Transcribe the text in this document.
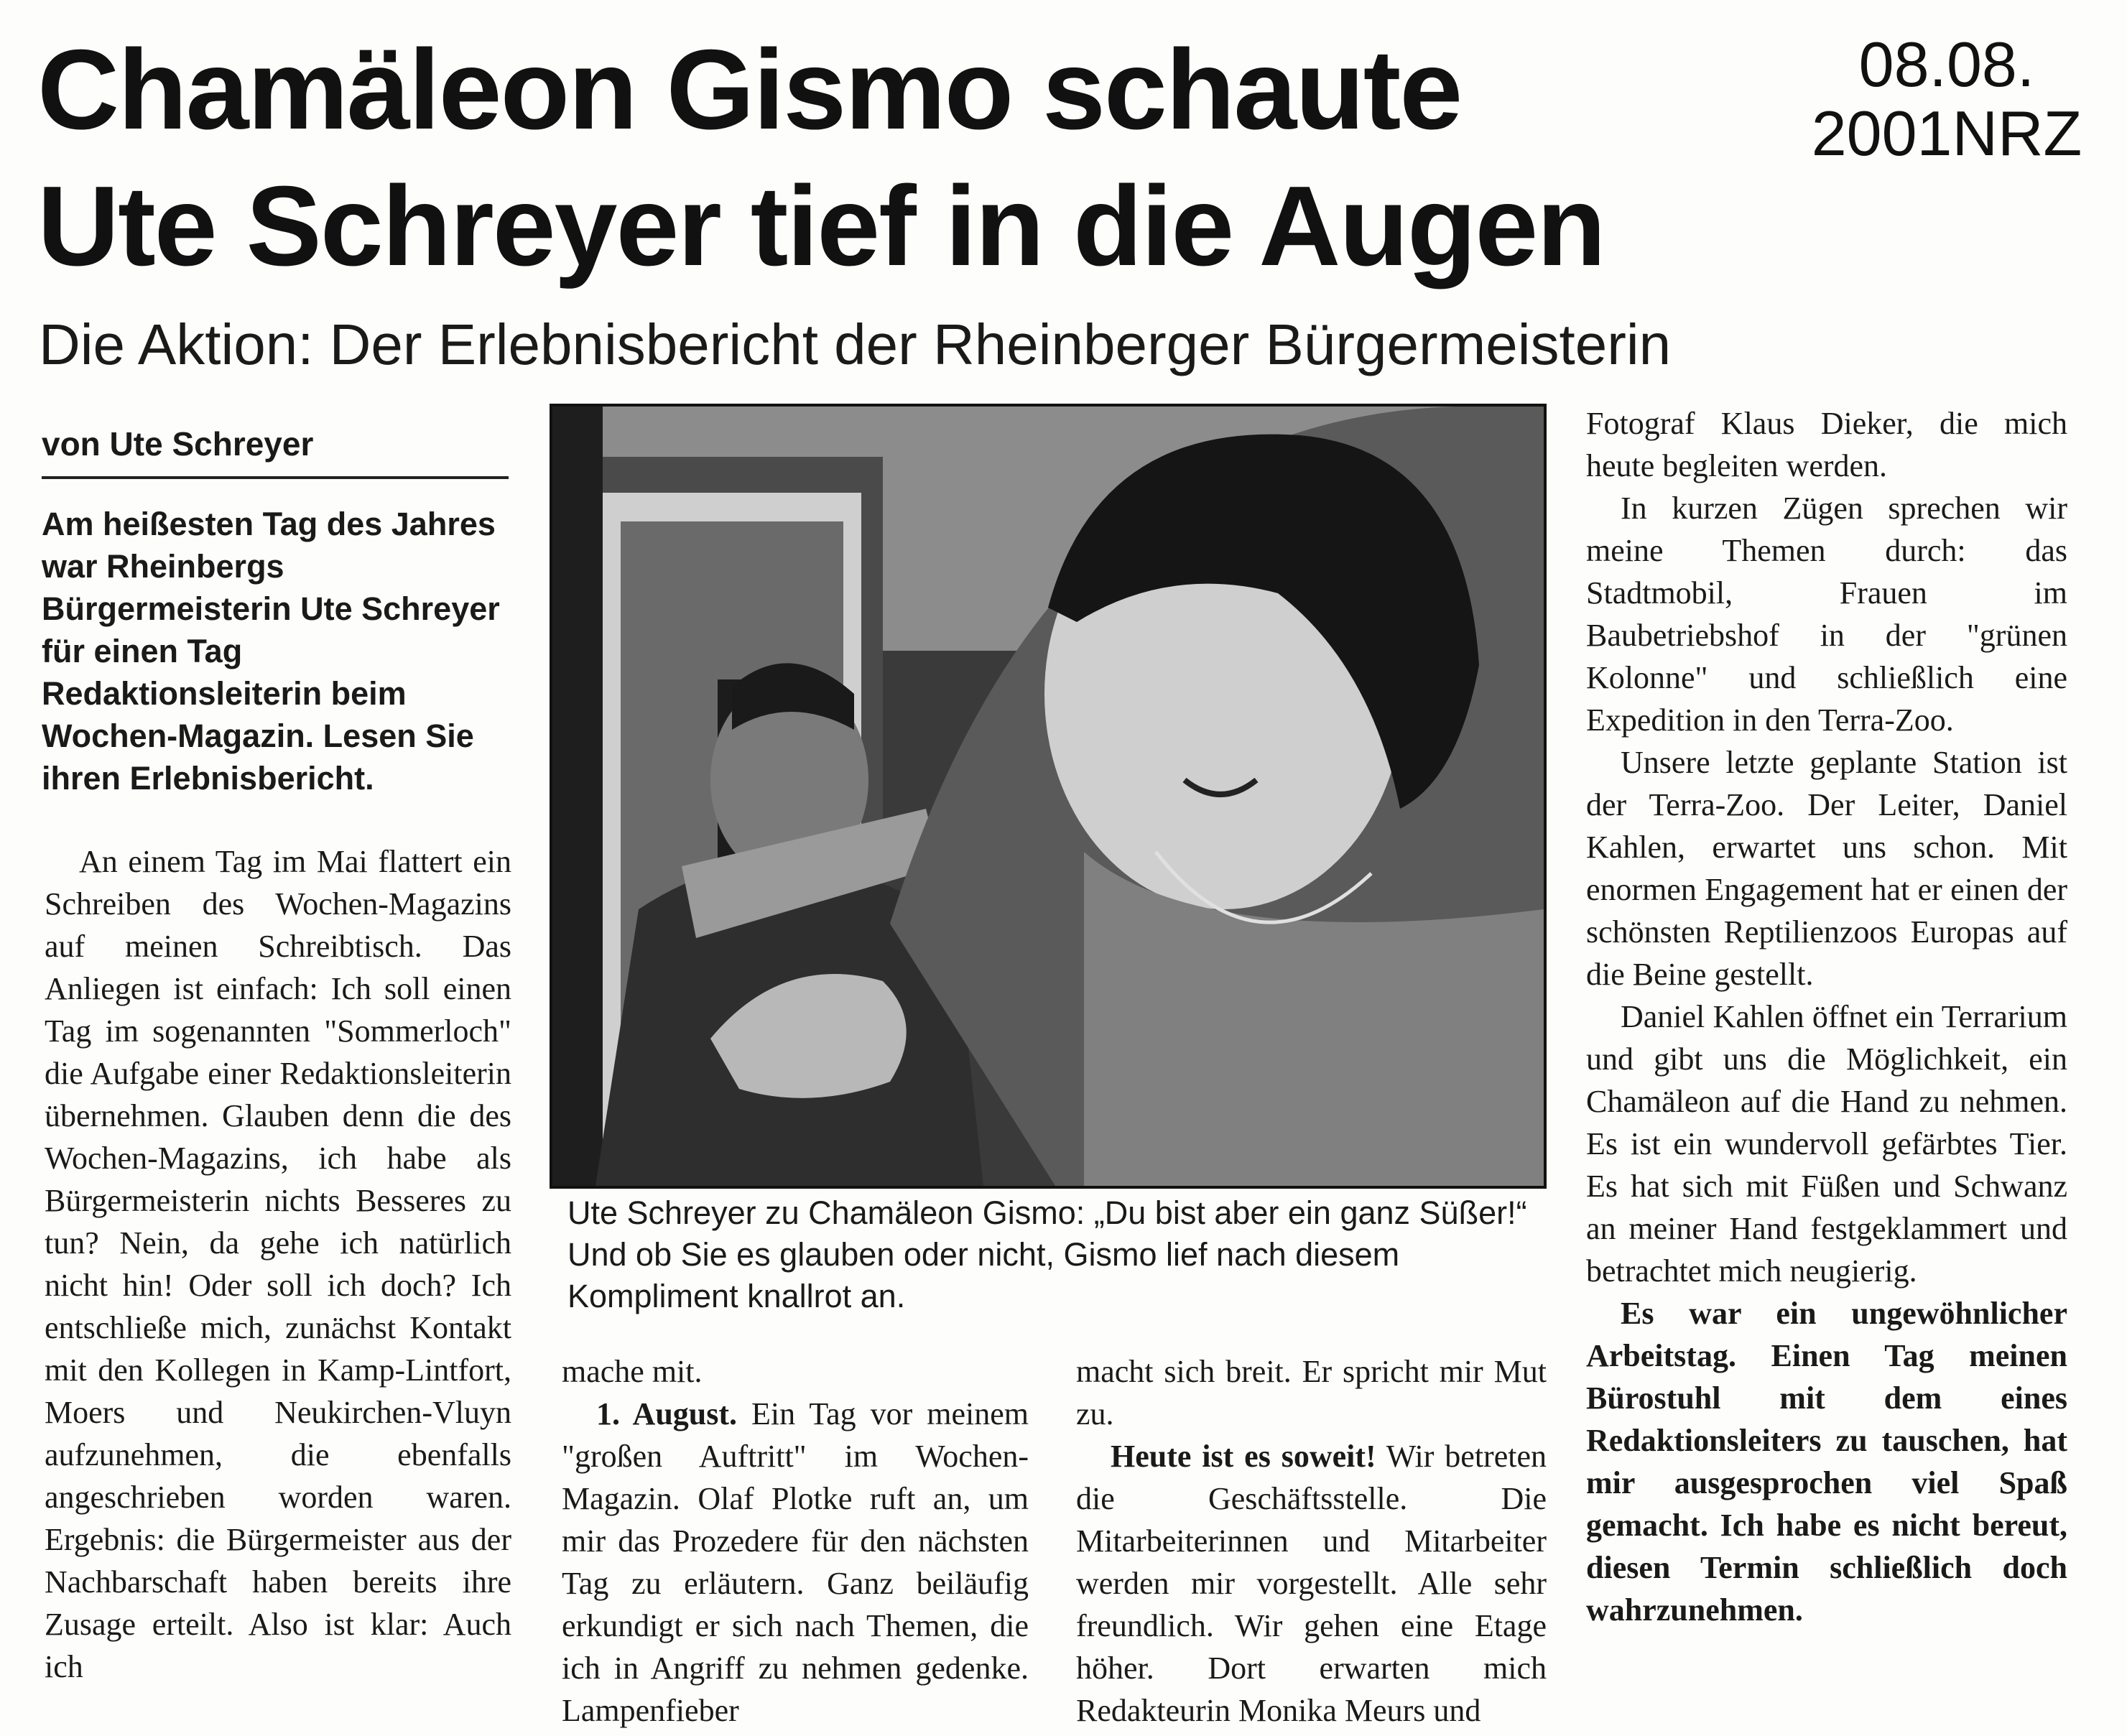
Chamäleon Gismo schaute
Ute Schreyer tief in die Augen
08.08.
2001NRZ
Die Aktion: Der Erlebnisbericht der Rheinberger Bürgermeisterin
von Ute Schreyer
Am heißesten Tag des Jahres war Rheinbergs Bürgermeisterin Ute Schreyer für einen Tag Redaktionsleiterin beim Wochen-Magazin. Lesen Sie ihren Erlebnisbericht.

An einem Tag im Mai flattert ein Schreiben des Wochen-Magazins auf meinen Schreibtisch. Das Anliegen ist einfach: Ich soll einen Tag im sogenannten "Sommerloch" die Aufgabe einer Redaktionsleiterin übernehmen. Glauben denn die des Wochen-Magazins, ich habe als Bürgermeisterin nichts Besseres zu tun? Nein, da gehe ich natürlich nicht hin! Oder soll ich doch? Ich entschließe mich, zunächst Kontakt mit den Kollegen in Kamp-Lintfort, Moers und Neukirchen-Vluyn aufzunehmen, die ebenfalls angeschrieben worden waren. Ergebnis: die Bürgermeister aus der Nachbarschaft haben bereits ihre Zusage erteilt. Also ist klar: Auch ich

Ute Schreyer zu Chamäleon Gismo: „Du bist aber ein ganz Süßer!“ Und ob Sie es glauben oder nicht, Gismo lief nach diesem Kompliment knallrot an.

mache mit.

1. August. Ein Tag vor meinem "großen Auftritt" im Wochen-Magazin. Olaf Plotke ruft an, um mir das Prozedere für den nächsten Tag zu erläutern. Ganz beiläufig erkundigt er sich nach Themen, die ich in Angriff zu nehmen gedenke. Lampenfieber

macht sich breit. Er spricht mir Mut zu.

Heute ist es soweit! Wir betreten die Geschäftsstelle. Die Mitarbeiterinnen und Mitarbeiter werden mir vorgestellt. Alle sehr freundlich. Wir gehen eine Etage höher. Dort erwarten mich Redakteurin Monika Meurs und

Fotograf Klaus Dieker, die mich heute begleiten werden.

In kurzen Zügen sprechen wir meine Themen durch: das Stadtmobil, Frauen im Baubetriebshof in der "grünen Kolonne" und schließlich eine Expedition in den Terra-Zoo.

Unsere letzte geplante Station ist der Terra-Zoo. Der Leiter, Daniel Kahlen, erwartet uns schon. Mit enormen Engagement hat er einen der schönsten Reptilienzoos Europas auf die Beine gestellt.

Daniel Kahlen öffnet ein Terrarium und gibt uns die Möglichkeit, ein Chamäleon auf die Hand zu nehmen. Es ist ein wundervoll gefärbtes Tier. Es hat sich mit Füßen und Schwanz an meiner Hand festgeklammert und betrachtet mich neugierig.

Es war ein ungewöhnlicher Arbeitstag. Einen Tag meinen Bürostuhl mit dem eines Redaktionsleiters zu tauschen, hat mir ausgesprochen viel Spaß gemacht. Ich habe es nicht bereut, diesen Termin schließlich doch wahrzunehmen.
